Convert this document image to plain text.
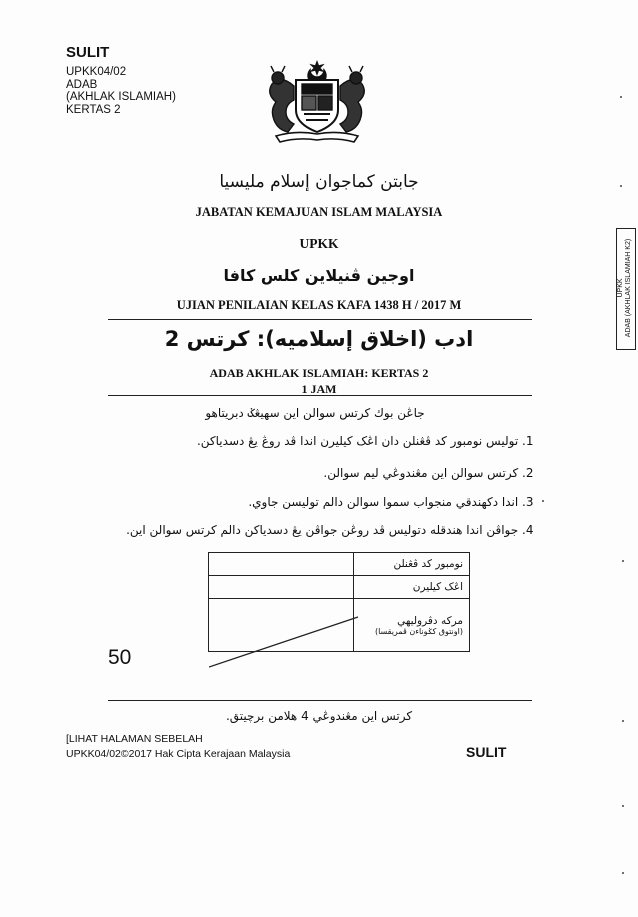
SULIT
UPKK04/02
ADAB
(AKHLAK ISLAMIAH)
KERTAS 2
جابتن كماجوان إسلام مليسيا
JABATAN KEMAJUAN ISLAM MALAYSIA
UPKK
اوجين ڤنيلاين كلس كافا
UJIAN PENILAIAN KELAS KAFA 1438 H / 2017 M
ادب (اخلاق إسلاميه): كرتس 2
ADAB AKHLAK ISLAMIAH: KERTAS 2
1 JAM
جاڠن بوك كرتس سوالن اين سهيڠݢ دبريتاهو
1. توليس نومبور كد ڤڠنلن دان اڠک كيليرن اندا ڤد روڠ يڠ دسدياكن.
2. كرتس سوالن اين مڠندوڠي ليم سوالن.
3. اندا دكهندقي منجواب سموا سوالن دالم توليسن جاوي.
4. جواڤن اندا هندقله دتوليس ڤد روڠن جواڤن يڠ دسدياكن دالم كرتس سوالن اين.
	نومبور كد ڤڠنلن
	اڠک كيليرن

	مركه دڤرولیهي
(اونتوق كݢوناءن ڤمريقسا)
50
كرتس اين مڠندوڠي 4 هلامن برچيتق.
[LIHAT HALAMAN SEBELAH
UPKK04/02©2017 Hak Cipta Kerajaan Malaysia	SULIT
UPKK ADAB (AKHLAK ISLAMIAH K2)
